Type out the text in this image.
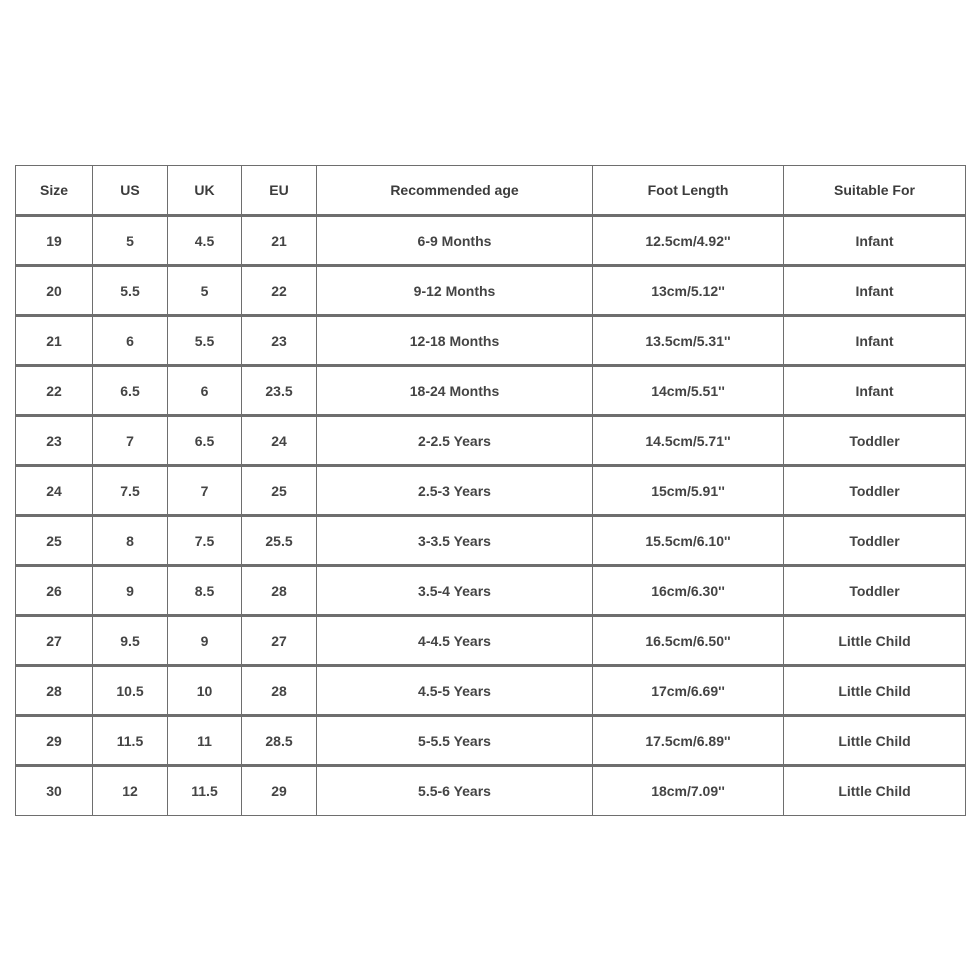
Size	US	UK	EU	Recommended age	Foot Length	Suitable For
19	5	4.5	21	6-9 Months	12.5cm/4.92''	Infant
20	5.5	5	22	9-12 Months	13cm/5.12''	Infant
21	6	5.5	23	12-18 Months	13.5cm/5.31''	Infant
22	6.5	6	23.5	18-24 Months	14cm/5.51''	Infant
23	7	6.5	24	2-2.5 Years	14.5cm/5.71''	Toddler
24	7.5	7	25	2.5-3 Years	15cm/5.91''	Toddler
25	8	7.5	25.5	3-3.5 Years	15.5cm/6.10''	Toddler
26	9	8.5	28	3.5-4 Years	16cm/6.30''	Toddler
27	9.5	9	27	4-4.5 Years	16.5cm/6.50''	Little Child
28	10.5	10	28	4.5-5 Years	17cm/6.69''	Little Child
29	11.5	11	28.5	5-5.5 Years	17.5cm/6.89''	Little Child
30	12	11.5	29	5.5-6 Years	18cm/7.09''	Little Child
